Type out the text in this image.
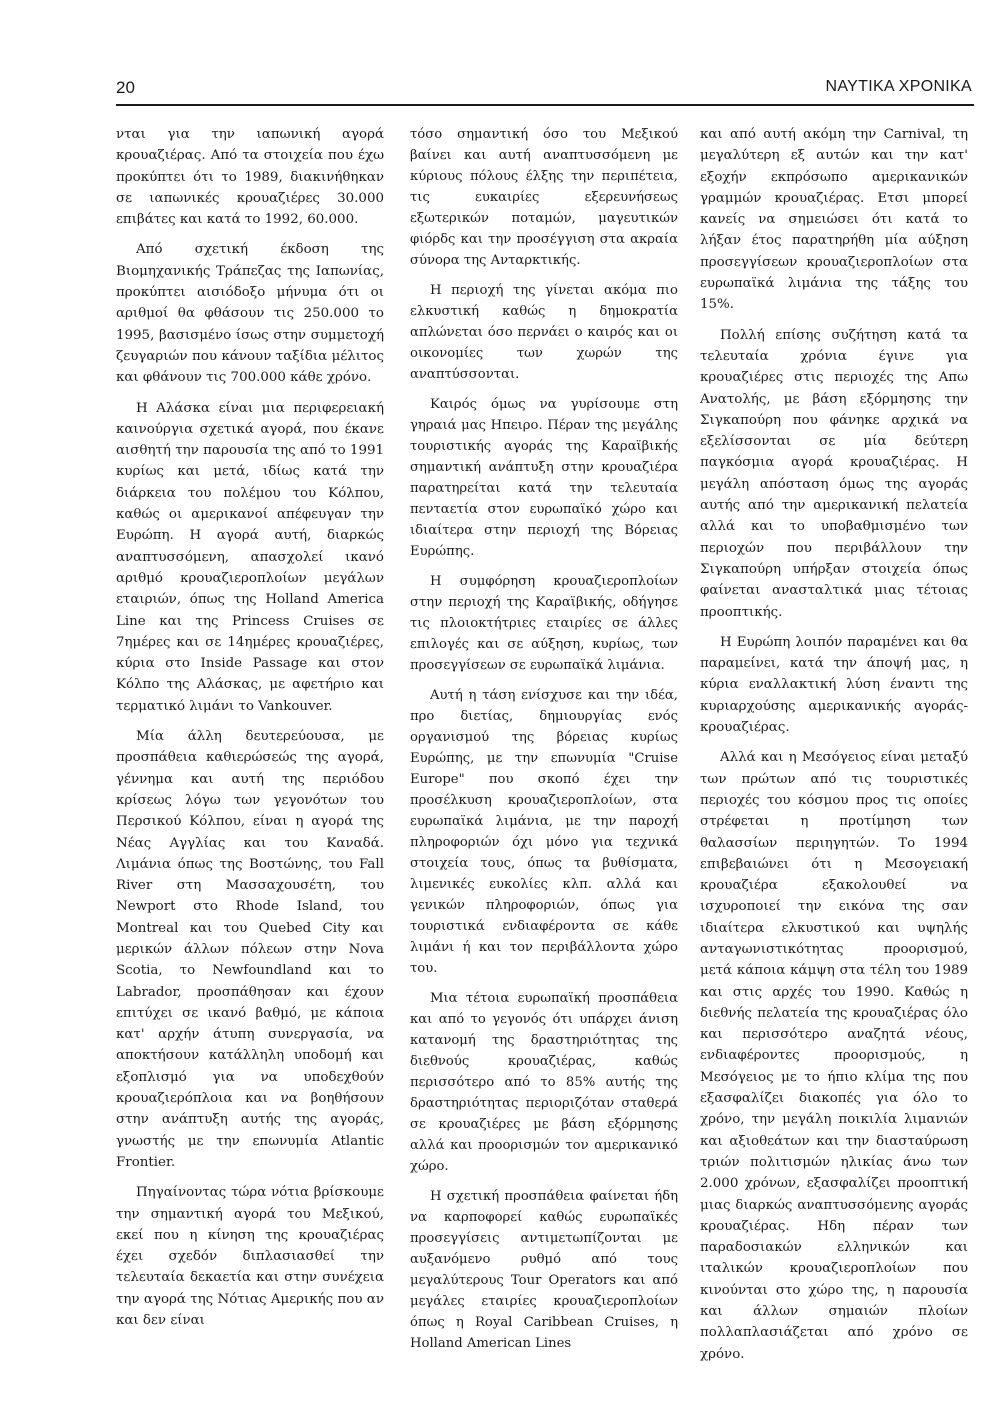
20	ΝΑΥΤΙΚΑ ΧΡΟΝΙΚΑ

νται για την ιαπωνική αγορά κρουαζιέρας. Από τα στοιχεία που έχω προκύπτει ότι το 1989, διακινήθηκαν σε ιαπωνικές κρουαζιέρες 30.000 επιβάτες και κατά το 1992, 60.000.

Από σχετική έκδοση της Βιομηχανικής Τράπεζας της Ιαπωνίας, προκύπτει αισιόδοξο μήνυμα ότι οι αριθμοί θα φθάσουν τις 250.000 το 1995, βασισμένο ίσως στην συμμετοχή ζευγαριών που κάνουν ταξίδια μέλιτος και φθάνουν τις 700.000 κάθε χρόνο.

Η Αλάσκα είναι μια περιφερειακή καινούργια σχετικά αγορά, που έκανε αισθητή την παρουσία της από το 1991 κυρίως και μετά, ιδίως κατά την διάρκεια του πολέμου του Κόλπου, καθώς οι αμερικανοί απέφευγαν την Ευρώπη. Η αγορά αυτή, διαρκώς αναπτυσσόμενη, απασχολεί ικανό αριθμό κρουαζιεροπλοίων μεγάλων εταιριών, όπως της Holland America Line και της Princess Cruises σε 7ημέρες και σε 14ημέρες κρουαζιέρες, κύρια στο Inside Passage και στον Κόλπο της Αλάσκας, με αφετήριο και τερματικό λιμάνι το Vankouver.

Μία άλλη δευτερεύουσα, με προσπάθεια καθιερώσεώς της αγορά, γέννημα και αυτή της περιόδου κρίσεως λόγω των γεγονότων του Περσικού Κόλπου, είναι η αγορά της Νέας Αγγλίας και του Καναδά. Λιμάνια όπως της Βοστώνης, του Fall River στη Μασσαχουσέτη, του Newport στο Rhode Island, του Montreal και του Quebed City και μερικών άλλων πόλεων στην Nova Scotia, το Newfoundland και το Labrador, προσπάθησαν και έχουν επιτύχει σε ικανό βαθμό, με κάποια κατ' αρχήν άτυπη συνεργασία, να αποκτήσουν κατάλληλη υποδομή και εξοπλισμό για να υποδεχθούν κρουαζιερόπλοια και να βοηθήσουν στην ανάπτυξη αυτής της αγοράς, γνωστής με την επωνυμία Atlantic Frontier.

Πηγαίνοντας τώρα νότια βρίσκουμε την σημαντική αγορά του Μεξικού, εκεί που η κίνηση της κρουαζιέρας έχει σχεδόν διπλασιασθεί την τελευταία δεκαετία και στην συνέχεια την αγορά της Νότιας Αμερικής που αν και δεν είναι

τόσο σημαντική όσο του Μεξικού βαίνει και αυτή αναπτυσσόμενη με κύριους πόλους έλξης την περιπέτεια, τις ευκαιρίες εξερευνήσεως εξωτερικών ποταμών, μαγευτικών φιόρδς και την προσέγγιση στα ακραία σύνορα της Ανταρκτικής.

Η περιοχή της γίνεται ακόμα πιο ελκυστική καθώς η δημοκρατία απλώνεται όσο περνάει ο καιρός και οι οικονομίες των χωρών της αναπτύσσονται.

Καιρός όμως να γυρίσουμε στη γηραιά μας Ηπειρο. Πέραν της μεγάλης τουριστικής αγοράς της Καραϊβικής σημαντική ανάπτυξη στην κρουαζιέρα παρατηρείται κατά την τελευταία πενταετία στον ευρωπαϊκό χώρο και ιδιαίτερα στην περιοχή της Βόρειας Ευρώπης.

Η συμφόρηση κρουαζιεροπλοίων στην περιοχή της Καραϊβικής, οδήγησε τις πλοιοκτήτριες εταιρίες σε άλλες επιλογές και σε αύξηση, κυρίως, των προσεγγίσεων σε ευρωπαϊκά λιμάνια.

Αυτή η τάση ενίσχυσε και την ιδέα, προ διετίας, δημιουργίας ενός οργανισμού της βόρειας κυρίως Ευρώπης, με την επωνυμία "Cruise Europe" που σκοπό έχει την προσέλκυση κρουαζιεροπλοίων, στα ευρωπαϊκά λιμάνια, με την παροχή πληροφοριών όχι μόνο για τεχνικά στοιχεία τους, όπως τα βυθίσματα, λιμενικές ευκολίες κλπ. αλλά και γενικών πληροφοριών, όπως για τουριστικά ενδιαφέροντα σε κάθε λιμάνι ή και τον περιβάλλοντα χώρο του.

Μια τέτοια ευρωπαϊκή προσπάθεια και από το γεγονός ότι υπάρχει άνιση κατανομή της δραστηριότητας της διεθνούς κρουαζιέρας, καθώς περισσότερο από το 85% αυτής της δραστηριότητας περιοριζόταν σταθερά σε κρουαζιέρες με βάση εξόρμησης αλλά και προορισμών τον αμερικανικό χώρο.

Η σχετική προσπάθεια φαίνεται ήδη να καρποφορεί καθώς ευρωπαϊκές προσεγγίσεις αντιμετωπίζονται με αυξανόμενο ρυθμό από τους μεγαλύτερους Tour Operators και από μεγάλες εταιρίες κρουαζιεροπλοίων όπως η Royal Caribbean Cruises, η Holland American Lines

και από αυτή ακόμη την Carnival, τη μεγαλύτερη εξ αυτών και την κατ' εξοχήν εκπρόσωπο αμερικανικών γραμμών κρουαζιέρας. Ετσι μπορεί κανείς να σημειώσει ότι κατά το λήξαν έτος παρατηρήθη μία αύξηση προσεγγίσεων κρουαζιεροπλοίων στα ευρωπαϊκά λιμάνια της τάξης του 15%.

Πολλή επίσης συζήτηση κατά τα τελευταία χρόνια έγινε για κρουαζιέρες στις περιοχές της Απω Ανατολής, με βάση εξόρμησης την Σιγκαπούρη που φάνηκε αρχικά να εξελίσσονται σε μία δεύτερη παγκόσμια αγορά κρουαζιέρας. Η μεγάλη απόσταση όμως της αγοράς αυτής από την αμερικανική πελατεία αλλά και το υποβαθμισμένο των περιοχών που περιβάλλουν την Σιγκαπούρη υπήρξαν στοιχεία όπως φαίνεται ανασταλτικά μιας τέτοιας προοπτικής.

Η Ευρώπη λοιπόν παραμένει και θα παραμείνει, κατά την άποψή μας, η κύρια εναλλακτική λύση έναντι της κυριαρχούσης αμερικανικής αγοράς-κρουαζιέρας.

Αλλά και η Μεσόγειος είναι μεταξύ των πρώτων από τις τουριστικές περιοχές του κόσμου προς τις οποίες στρέφεται η προτίμηση των θαλασσίων περιηγητών. Το 1994 επιβεβαιώνει ότι η Μεσογειακή κρουαζιέρα εξακολουθεί να ισχυροποιεί την εικόνα της σαν ιδιαίτερα ελκυστικού και υψηλής ανταγωνιστικότητας προορισμού, μετά κάποια κάμψη στα τέλη του 1989 και στις αρχές του 1990. Καθώς η διεθνής πελατεία της κρουαζιέρας όλο και περισσότερο αναζητά νέους, ενδιαφέροντες προορισμούς, η Μεσόγειος με το ήπιο κλίμα της που εξασφαλίζει διακοπές για όλο το χρόνο, την μεγάλη ποικιλία λιμανιών και αξιοθεάτων και την διασταύρωση τριών πολιτισμών ηλικίας άνω των 2.000 χρόνων, εξασφαλίζει προοπτική μιας διαρκώς αναπτυσσόμενης αγοράς κρουαζιέρας. Ηδη πέραν των παραδοσιακών ελληνικών και ιταλικών κρουαζιεροπλοίων που κινούνται στο χώρο της, η παρουσία και άλλων σημαιών πλοίων πολλαπλασιάζεται από χρόνο σε χρόνο.
